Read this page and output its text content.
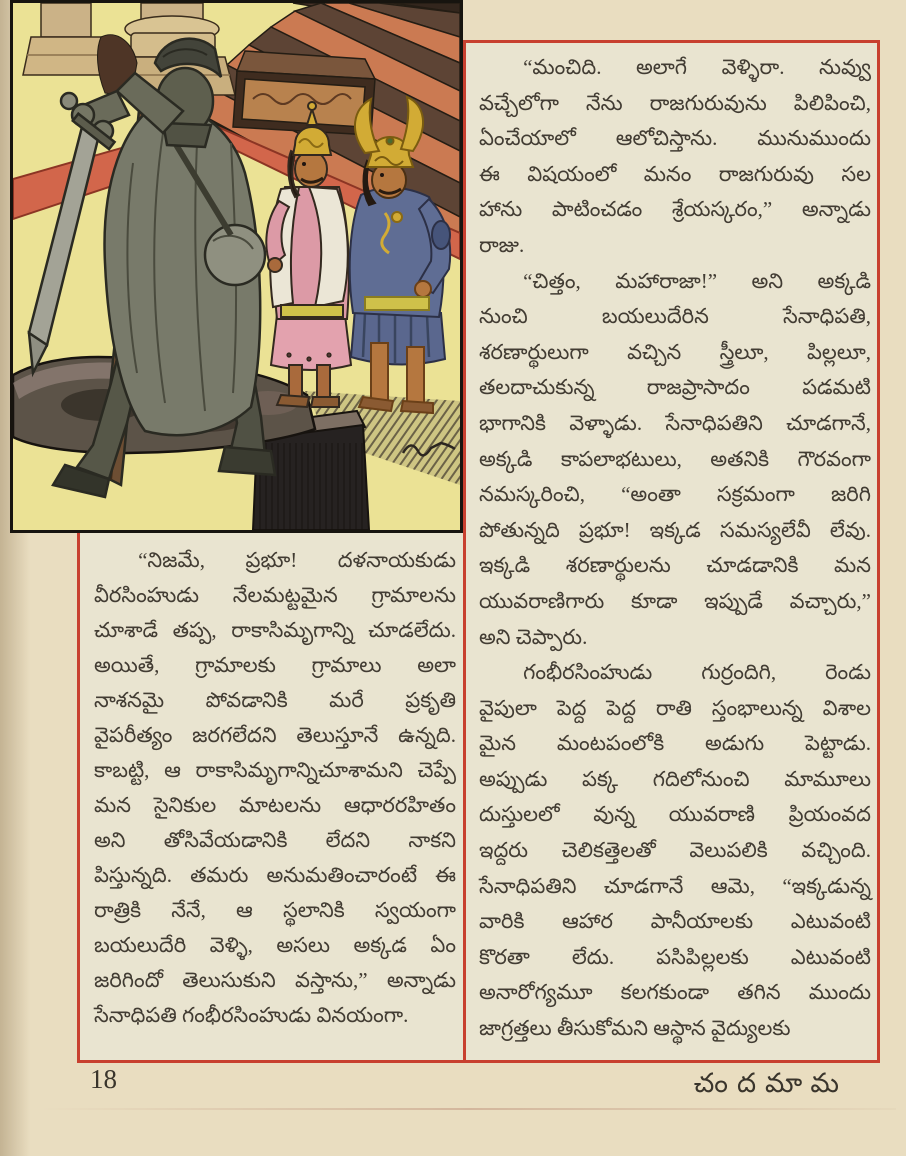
“నిజమే, ప్రభూ! దళనాయకుడు
వీరసింహుడు నేలమట్టమైన గ్రామాలను
చూశాడే తప్ప, రాకాసిమృగాన్ని చూడలేదు.
అయితే, గ్రామాలకు గ్రామాలు అలా
నాశనమై పోవడానికి మరే ప్రకృతి
వైపరీత్యం జరగలేదని తెలుస్తూనే ఉన్నది.
కాబట్టి, ఆ రాకాసిమృగాన్నిచూశామని చెప్పే
మన సైనికుల మాటలను ఆధారరహితం
అని తోసివేయడానికి లేదని నాకని
పిస్తున్నది. తమరు అనుమతించారంటే ఈ
రాత్రికి నేనే, ఆ స్థలానికి స్వయంగా
బయలుదేరి వెళ్ళి, అసలు అక్కడ ఏం
జరిగిందో తెలుసుకుని వస్తాను,” అన్నాడు
సేనాధిపతి గంభీరసింహుడు వినయంగా.
“మంచిది. అలాగే వెళ్ళిరా. నువ్వు
వచ్చేలోగా నేను రాజగురువును పిలిపించి,
ఏంచేయాలో ఆలోచిస్తాను. మునుముందు
ఈ విషయంలో మనం రాజగురువు సల
హాను పాటించడం శ్రేయస్కరం,” అన్నాడు
రాజు.
“చిత్తం, మహారాజా!” అని అక్కడి
నుంచి బయలుదేరిన సేనాధిపతి,
శరణార్థులుగా వచ్చిన స్త్రీలూ, పిల్లలూ,
తలదాచుకున్న రాజప్రాసాదం పడమటి
భాగానికి వెళ్ళాడు. సేనాధిపతిని చూడగానే,
అక్కడి కాపలాభటులు, అతనికి గౌరవంగా
నమస్కరించి, “అంతా సక్రమంగా జరిగి
పోతున్నది ప్రభూ! ఇక్కడ సమస్యలేవీ లేవు.
ఇక్కడి శరణార్థులను చూడడానికి మన
యువరాణిగారు కూడా ఇప్పుడే వచ్చారు,”
అని చెప్పారు.
గంభీరసింహుడు గుర్రందిగి, రెండు
వైపులా పెద్ద పెద్ద రాతి స్తంభాలున్న విశాల
మైన మంటపంలోకి అడుగు పెట్టాడు.
అప్పుడు పక్క గదిలోనుంచి మామూలు
దుస్తులలో వున్న యువరాణి ప్రియంవద
ఇద్దరు చెలికత్తెలతో వెలుపలికి వచ్చింది.
సేనాధిపతిని చూడగానే ఆమె, “ఇక్కడున్న
వారికి ఆహార పానీయాలకు ఎటువంటి
కొరతా లేదు. పసిపిల్లలకు ఎటువంటి
అనారోగ్యమూ కలగకుండా తగిన ముందు
జాగ్రత్తలు తీసుకోమని ఆస్థాన వైద్యులకు
18	చందమామ
